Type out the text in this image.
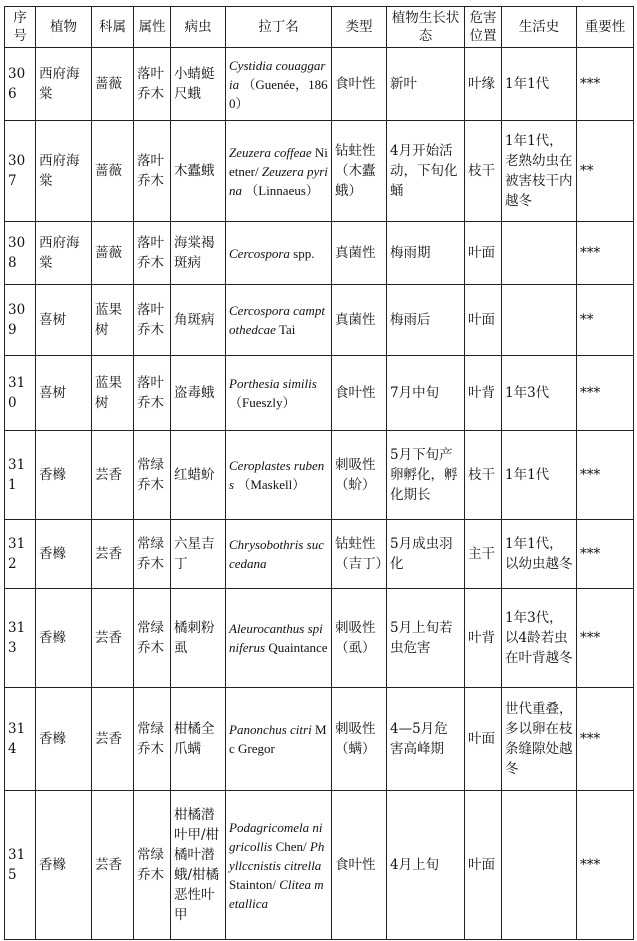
序号	植物	科属	属性	病虫	拉丁名	类型	植物生长状态	危害位置	生活史	重要性
306	西府海棠	蔷薇	落叶乔木	小蜻蜓尺蛾	Cystidia couaggaria （Guenée，1860）	食叶性	新叶	叶缘	1年1代	***
307	西府海棠	蔷薇	落叶乔木	木蠹蛾	Zeuzera coffeae Nietner/ Zeuzera pyrina （Linnaeus）	钻蛀性（木蠹蛾）	4月开始活动，下旬化蛹	枝干	1年1代，老熟幼虫在被害枝干内越冬	**
308	西府海棠	蔷薇	落叶乔木	海棠褐斑病	Cercospora spp.	真菌性	梅雨期	叶面		***
309	喜树	蓝果树	落叶乔木	角斑病	Cercospora camptothedcae Tai	真菌性	梅雨后	叶面		**
310	喜树	蓝果树	落叶乔木	盗毒蛾	Porthesia similis （Fueszly）	食叶性	7月中旬	叶背	1年3代	***
311	香橼	芸香	常绿乔木	红蜡蚧	Ceroplastes rubens （Maskell）	刺吸性（蚧）	5月下旬产卵孵化，孵化期长	枝干	1年1代	***
312	香橼	芸香	常绿乔木	六星吉丁	Chrysobothris succedana	钻蛀性（吉丁）	5月成虫羽化	主干	1年1代，以幼虫越冬	***
313	香橼	芸香	常绿乔木	橘刺粉虱	Aleurocanthus spiniferus Quaintance	刺吸性（虱）	5月上旬若虫危害	叶背	1年3代，以4龄若虫在叶背越冬	***
314	香橼	芸香	常绿乔木	柑橘全爪螨	Panonchus citri Mc Gregor	刺吸性（螨）	4—5月危害高峰期	叶面	世代重叠，多以卵在枝条缝隙处越冬	***
315	香橼	芸香	常绿乔木	柑橘潜叶甲/柑橘叶潜蛾/柑橘恶性叶甲	Podagricomela nigricollis Chen/ Phyllccnistis citrella Stainton/ Clitea metallica	食叶性	4月上旬	叶面		***
